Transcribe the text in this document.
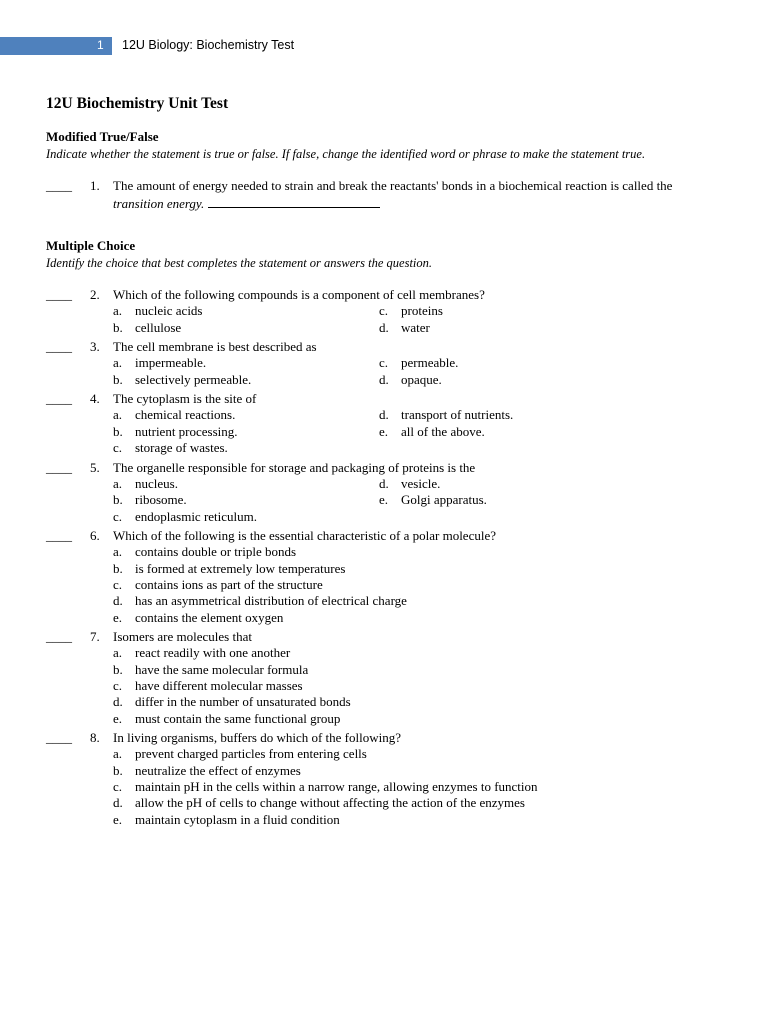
1 12U Biology: Biochemistry Test
12U Biochemistry Unit Test
Modified True/False

Indicate whether the statement is true or false. If false, change the identified word or phrase to make the statement true.

____ 1. The amount of energy needed to strain and break the reactants' bonds in a biochemical reaction is called the
transition energy.
Multiple Choice

Identify the choice that best completes the statement or answers the question.

____ 2. Which of the following compounds is a component of cell membranes?
a. nucleic acids	c. proteins
b. cellulose	d. water
____ 3. The cell membrane is best described as
a. impermeable.	c. permeable.
b. selectively permeable.	d. opaque.
____ 4. The cytoplasm is the site of
a. chemical reactions.	d. transport of nutrients.
b. nutrient processing.	e. all of the above.
c. storage of wastes.
____ 5. The organelle responsible for storage and packaging of proteins is the
a. nucleus.	d. vesicle.
b. ribosome.	e. Golgi apparatus.
c. endoplasmic reticulum.
____ 6. Which of the following is the essential characteristic of a polar molecule?
a. contains double or triple bonds
b. is formed at extremely low temperatures
c. contains ions as part of the structure
d. has an asymmetrical distribution of electrical charge
e. contains the element oxygen
____ 7. Isomers are molecules that
a. react readily with one another
b. have the same molecular formula
c. have different molecular masses
d. differ in the number of unsaturated bonds
e. must contain the same functional group
____ 8. In living organisms, buffers do which of the following?
a. prevent charged particles from entering cells
b. neutralize the effect of enzymes
c. maintain pH in the cells within a narrow range, allowing enzymes to function
d. allow the pH of cells to change without affecting the action of the enzymes
e. maintain cytoplasm in a fluid condition
